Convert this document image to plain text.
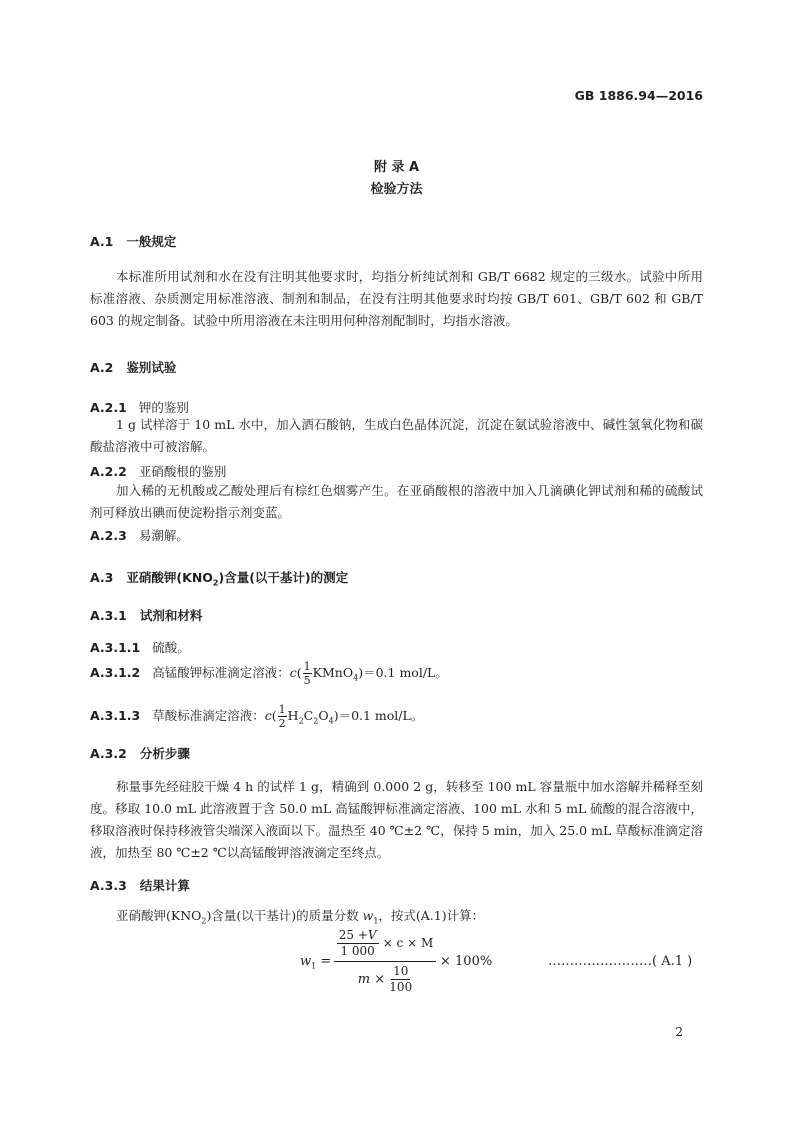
GB 1886.94—2016
附 录 A
检验方法
A.1 一般规定
本标准所用试剂和水在没有注明其他要求时，均指分析纯试剂和 GB/T 6682 规定的三级水。试验中所用标准溶液、杂质测定用标准溶液、制剂和制品，在没有注明其他要求时均按 GB/T 601、GB/T 602 和 GB/T 603 的规定制备。试验中所用溶液在未注明用何种溶剂配制时，均指水溶液。
A.2 鉴别试验
A.2.1 钾的鉴别
1 g 试样溶于 10 mL 水中，加入酒石酸钠，生成白色晶体沉淀，沉淀在氨试验溶液中、碱性氢氧化物和碳酸盐溶液中可被溶解。
A.2.2 亚硝酸根的鉴别
加入稀的无机酸或乙酸处理后有棕红色烟雾产生。在亚硝酸根的溶液中加入几滴碘化钾试剂和稀的硫酸试剂可释放出碘而使淀粉指示剂变蓝。
A.2.3 易潮解。
A.3 亚硝酸钾$(KNO_2)$含量(以干基计)的测定
A.3.1 试剂和材料
A.3.1.1 硫酸。
A.3.1.2 高锰酸钾标准滴定溶液：$c( \frac{1}{5}$ KMnO$_4$)＝0.1 mol/L。
A.3.1.3 草酸标准滴定溶液：$c( \frac{1}{2} H_2C_2O_4)=0.1$ mol/L。
A.3.2 分析步骤
称量事先经硅胶干燥 4 h 的试样 1 g，精确到 0.000 2 g，转移至 100 mL 容量瓶中加水溶解并稀释至刻度。移取 10.0 mL 此溶液置于含 50.0 mL 高锰酸钾标准滴定溶液、100 mL 水和 5 mL 硫酸的混合溶液中，移取溶液时保持移液管尖端深入液面以下。温热至 40 ℃±2 ℃，保持 5 min，加入 25.0 mL 草酸标准滴定溶液，加热至 80 ℃±2 ℃以高锰酸钾溶液滴定至终点。
A.3.3 结果计算
亚硝酸钾$(KNO_2)$含量(以干基计)的质量分数 $w_1$，按式(A.1)计算：
$w_1$ =
$\frac{25 +V}{1 000} \times c \times M$
$m \times \frac{10}{100}$
× 100%	……………………( A.1 )
2
